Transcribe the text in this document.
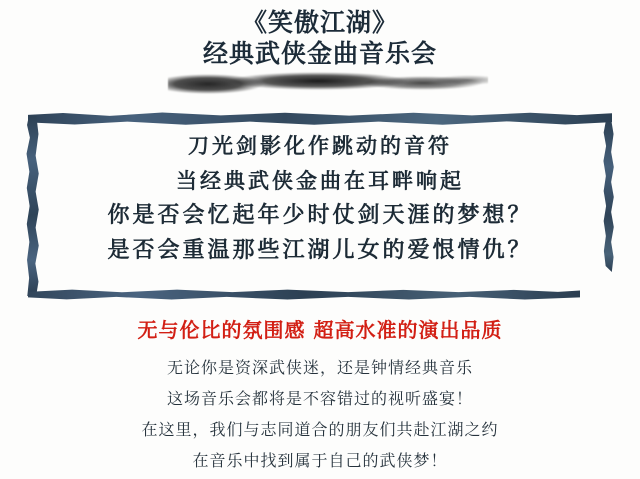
《笑傲江湖》
经典武侠金曲音乐会
刀光剑影化作跳动的音符
当经典武侠金曲在耳畔响起
你是否会忆起年少时仗剑天涯的梦想？
是否会重温那些江湖儿女的爱恨情仇？
无与伦比的氛围感 超高水准的演出品质
无论你是资深武侠迷，还是钟情经典音乐
这场音乐会都将是不容错过的视听盛宴！
在这里，我们与志同道合的朋友们共赴江湖之约
在音乐中找到属于自己的武侠梦！
